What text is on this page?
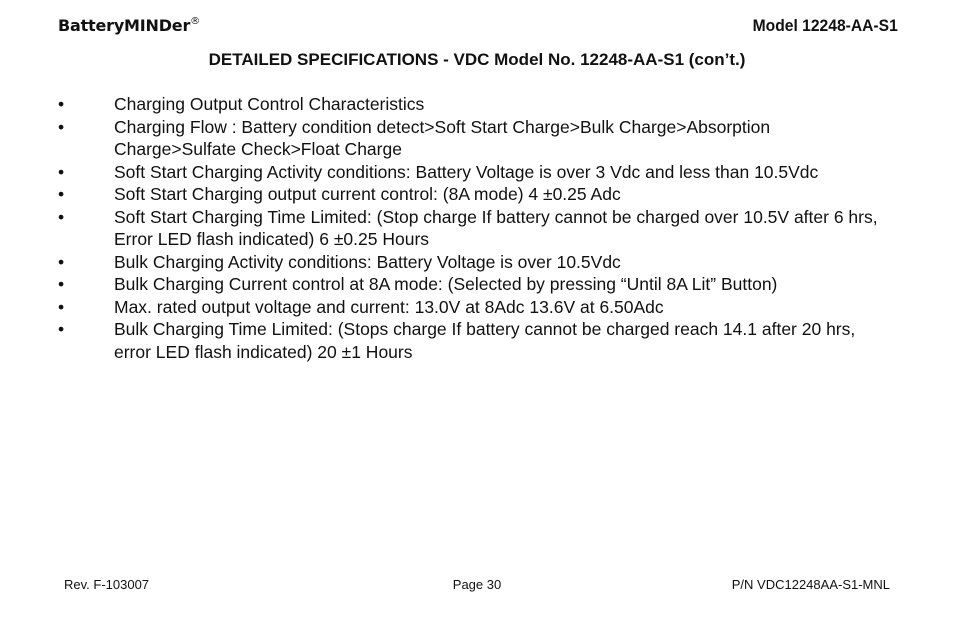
BatteryMINDer®	Model 12248-AA-S1
DETAILED SPECIFICATIONS - VDC Model No. 12248-AA-S1 (con’t.)
•	Charging Output Control Characteristics
•	Charging Flow : Battery condition detect>Soft Start Charge>Bulk Charge>Absorption Charge>Sulfate Check>Float Charge
•	Soft Start Charging Activity conditions: Battery Voltage is over 3 Vdc and less than 10.5Vdc
•	Soft Start Charging output current control: (8A mode) 4 ±0.25 Adc
•	Soft Start Charging Time Limited: (Stop charge If battery cannot be charged over 10.5V after 6 hrs, Error LED flash indicated) 6 ±0.25 Hours
•	Bulk Charging Activity conditions: Battery Voltage is over 10.5Vdc
•	Bulk Charging Current control at 8A mode: (Selected by pressing “Until 8A Lit” Button)
•	Max. rated output voltage and current: 13.0V at 8Adc 13.6V at 6.50Adc
•	Bulk Charging Time Limited: (Stops charge If battery cannot be charged reach 14.1 after 20 hrs, error LED flash indicated) 20 ±1 Hours
Rev. F-103007	Page 30	P/N VDC12248AA-S1-MNL
